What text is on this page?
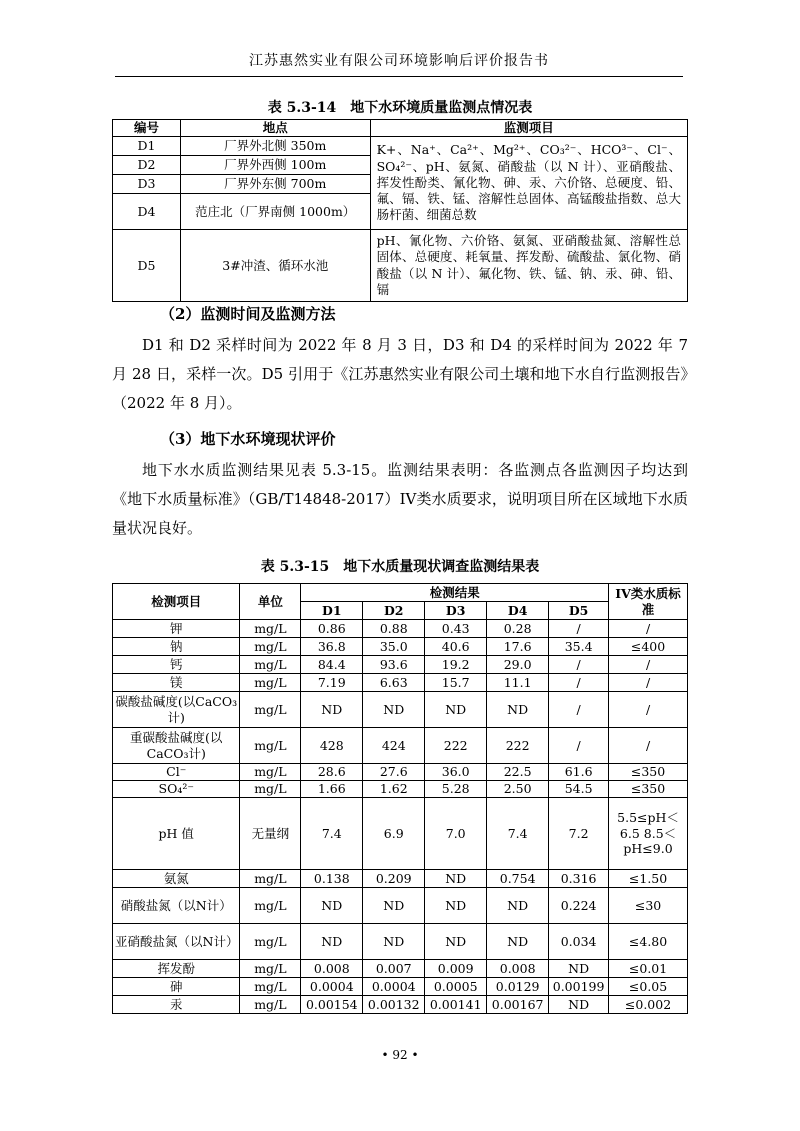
江苏惠然实业有限公司环境影响后评价报告书
表 5.3-14　地下水环境质量监测点情况表
编号	地点	监测项目
D1	厂界外北侧 350m	K+、Na⁺、Ca²⁺、Mg²⁺、CO₃²⁻、HCO³⁻、Cl⁻、SO₄²⁻、pH、氨氮、硝酸盐（以 N 计）、亚硝酸盐、挥发性酚类、氰化物、砷、汞、六价铬、总硬度、铅、氟、镉、铁、锰、溶解性总固体、高锰酸盐指数、总大肠杆菌、细菌总数
D2	厂界外西侧 100m	
D3	厂界外东侧 700m	
D4	范庄北（厂界南侧 1000m）	
D5	3#冲渣、循环水池	pH、氰化物、六价铬、氨氮、亚硝酸盐氮、溶解性总固体、总硬度、耗氧量、挥发酚、硫酸盐、氯化物、硝酸盐（以 N 计）、氟化物、铁、锰、钠、汞、砷、铅、镉
（2）监测时间及监测方法
D1 和 D2 采样时间为 2022 年 8 月 3 日，D3 和 D4 的采样时间为 2022 年 7 月 28 日，采样一次。D5 引用于《江苏惠然实业有限公司土壤和地下水自行监测报告》（2022 年 8 月）。
（3）地下水环境现状评价
地下水水质监测结果见表 5.3-15。监测结果表明：各监测点各监测因子均达到《地下水质量标准》（GB/T14848-2017）IV类水质要求，说明项目所在区域地下水质量状况良好。
表 5.3-15　地下水质量现状调查监测结果表
检测项目	单位	检测结果					IV类水质标准
		D1	D2	D3	D4	D5	
钾	mg/L	0.86	0.88	0.43	0.28	/	/
钠	mg/L	36.8	35.0	40.6	17.6	35.4	≤400
钙	mg/L	84.4	93.6	19.2	29.0	/	/
镁	mg/L	7.19	6.63	15.7	11.1	/	/
碳酸盐碱度(以CaCO₃计)	mg/L	ND	ND	ND	ND	/	/
重碳酸盐碱度(以CaCO₃计)	mg/L	428	424	222	222	/	/
Cl⁻	mg/L	28.6	27.6	36.0	22.5	61.6	≤350
SO₄²⁻	mg/L	1.66	1.62	5.28	2.50	54.5	≤350
pH 值	无量纲	7.4	6.9	7.0	7.4	7.2	5.5≤pH＜6.5 8.5＜pH≤9.0
氨氮	mg/L	0.138	0.209	ND	0.754	0.316	≤1.50
硝酸盐氮（以N计）	mg/L	ND	ND	ND	ND	0.224	≤30
亚硝酸盐氮（以N计）	mg/L	ND	ND	ND	ND	0.034	≤4.80
挥发酚	mg/L	0.008	0.007	0.009	0.008	ND	≤0.01
砷	mg/L	0.0004	0.0004	0.0005	0.0129	0.00199	≤0.05
汞	mg/L	0.00154	0.00132	0.00141	0.00167	ND	≤0.002
• 92 •
